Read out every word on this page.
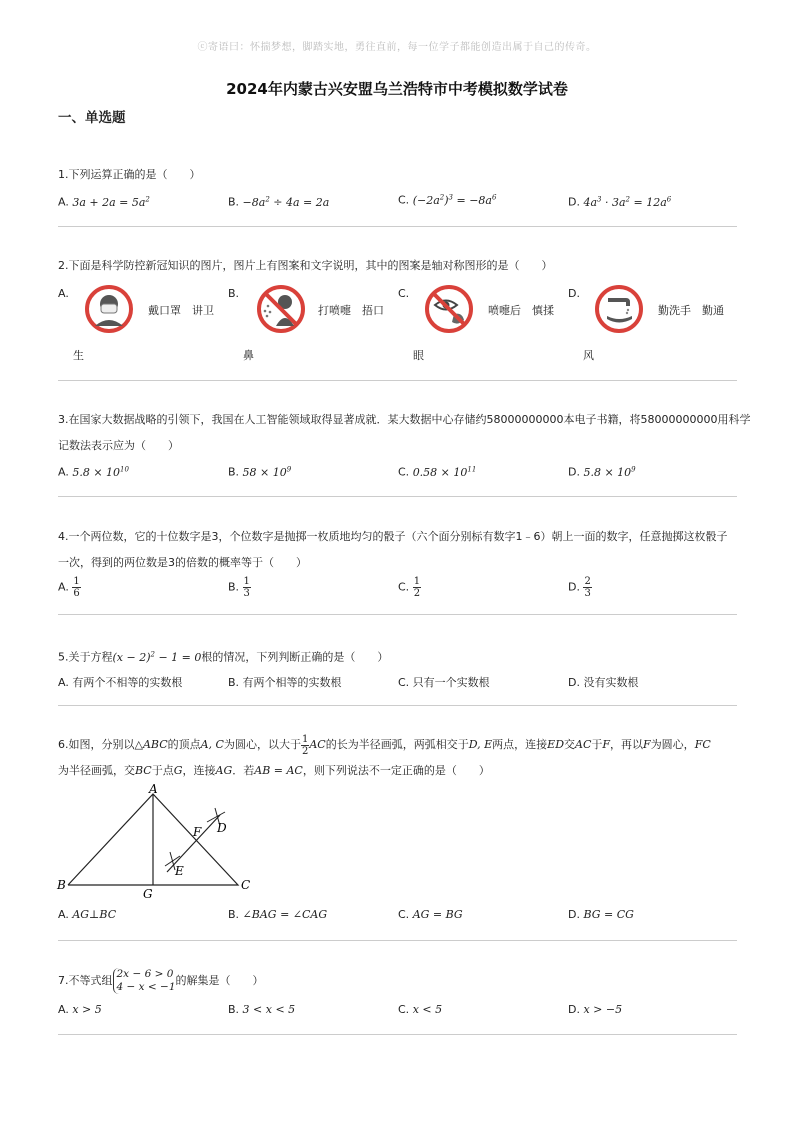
ⓒ寄语曰：怀揣梦想，脚踏实地，勇往直前，每一位学子都能创造出属于自己的传奇。
2024年内蒙古兴安盟乌兰浩特市中考模拟数学试卷
一、单选题
1.下列运算正确的是（　　）
A. $3a + 2a = 5a^2$	B. $-8a^2 \div 4a = 2a$	C. $(-2a^2)^3 = -8a^6$	D. $4a^3 \cdot 3a^2 = 12a^6$
2.下面是科学防控新冠知识的图片，图片上有图案和文字说明，其中的图案是轴对称图形的是（　　）
A.
戴口罩　讲卫
生
B.
打喷嚏　捂口
鼻
C.
喷嚏后　慎揉
眼
D.
勤洗手　勤通
风
3.在国家大数据战略的引领下，我国在人工智能领域取得显著成就．某大数据中心存储约58000000000本电子书籍，将58000000000用科学
记数法表示应为（　　）
A. $5.8 \times 10^{10}$	B. $58 \times 10^9$	C. $0.58 \times 10^{11}$	D. $5.8 \times 10^9$
4.一个两位数，它的十位数字是3，个位数字是抛掷一枚质地均匀的骰子（六个面分别标有数字1﹣6）朝上一面的数字，任意抛掷这枚骰子
一次，得到的两位数是3的倍数的概率等于（　　）
A. $\frac{1}{6}$	B. $\frac{1}{3}$	C. $\frac{1}{2}$	D. $\frac{2}{3}$
5.关于方程$(x - 2)^2 - 1 = 0$根的情况，下列判断正确的是（　　）
A. 有两个不相等的实数根	B. 有两个相等的实数根	C. 只有一个实数根	D. 没有实数根
6.如图，分别以△ABC的顶点A, C为圆心，以大于 $\frac{1}{2}$ AC的长为半径画弧，两弧相交于D, E两点，连接ED交AC于F，再以F为圆心，FC
为半径画弧，交BC于点G，连接AG．若AB = AC，则下列说法不一定正确的是（　　）
A
B	C
D
E
F
G
A. AG⊥BC	B. ∠BAG = ∠CAG	C. AG = BG	D. BG = CG
7.不等式组 2x − 6 > 0
4 − x < −1 的解集是（　　）
A. x > 5	B. 3 < x < 5	C. x < 5	D. x > −5
